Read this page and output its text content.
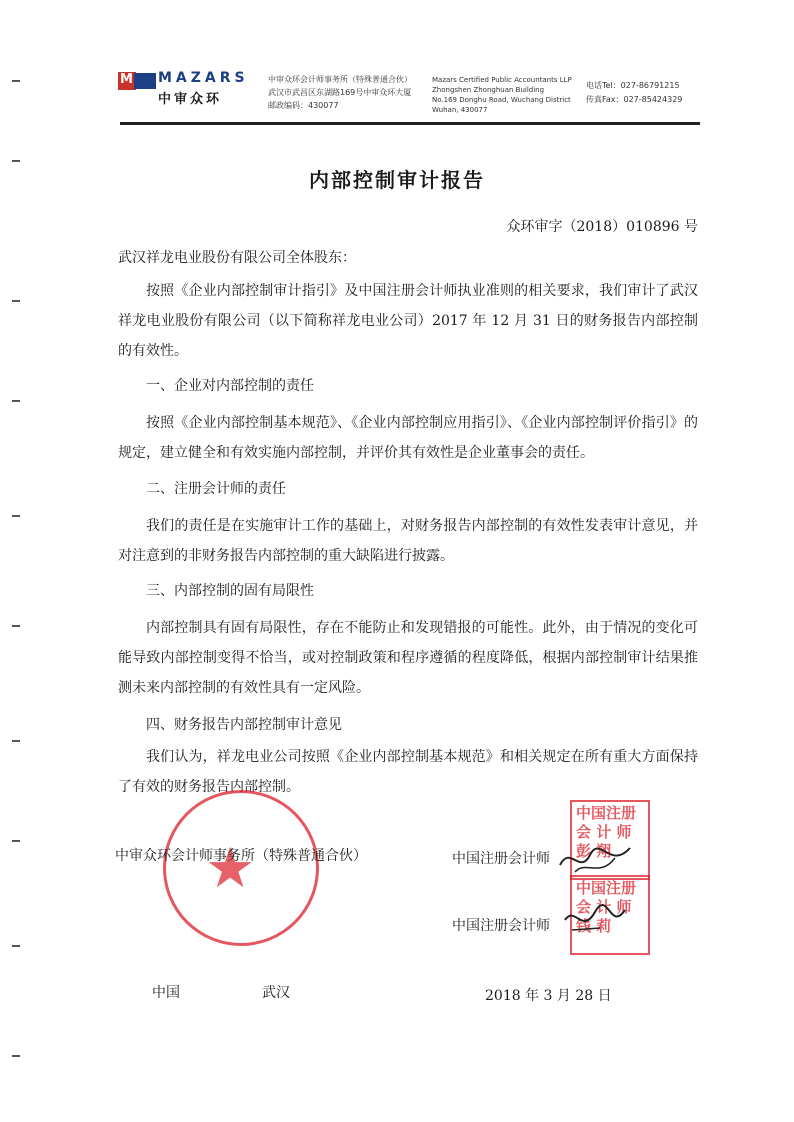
M MAZARS
中审众环
中审众环会计师事务所（特殊普通合伙）
武汉市武昌区东湖路169号中审众环大厦
邮政编码：430077
Mazars Certified Public Accountants LLP
Zhongshen Zhonghuan Building
No.169 Donghu Road, Wuchang District
Wuhan, 430077
电话Tel：027-86791215
传真Fax：027-85424329
内部控制审计报告
众环审字（2018）010896 号
武汉祥龙电业股份有限公司全体股东：
按照《企业内部控制审计指引》及中国注册会计师执业准则的相关要求，我们审计了武汉祥龙电业股份有限公司（以下简称祥龙电业公司）2017 年 12 月 31 日的财务报告内部控制的有效性。
一、企业对内部控制的责任
按照《企业内部控制基本规范》、《企业内部控制应用指引》、《企业内部控制评价指引》的规定，建立健全和有效实施内部控制，并评价其有效性是企业董事会的责任。
二、注册会计师的责任
我们的责任是在实施审计工作的基础上，对财务报告内部控制的有效性发表审计意见，并对注意到的非财务报告内部控制的重大缺陷进行披露。
三、内部控制的固有局限性
内部控制具有固有局限性，存在不能防止和发现错报的可能性。此外，由于情况的变化可能导致内部控制变得不恰当，或对控制政策和程序遵循的程度降低，根据内部控制审计结果推测未来内部控制的有效性具有一定风险。
四、财务报告内部控制审计意见
我们认为，祥龙电业公司按照《企业内部控制基本规范》和相关规定在所有重大方面保持了有效的财务报告内部控制。
★
中审众环会计师事务所（特殊普通合伙）	中国注册会计师
中国注册会计师
中国注册
会 计 师
彭 翔
中国注册
会 计 师
钱 莉
中国	武汉	2018 年 3 月 28 日
